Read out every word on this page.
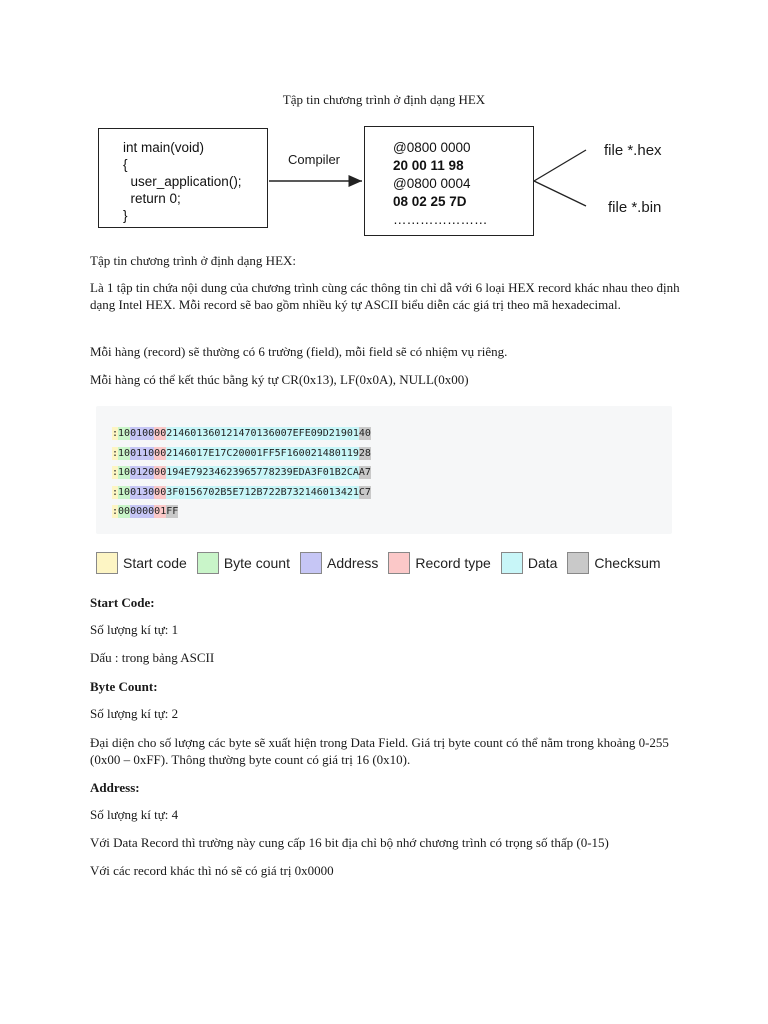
Tập tin chương trình ở định dạng HEX
int main(void)
{
user_application();
return 0;
}
Compiler
@0800 0000
20 00 11 98
@0800 0004
08 02 25 7D
…………………
file *.hex
file *.bin
Tập tin chương trình ở định dạng HEX:
Là 1 tập tin chứa nội dung của chương trình cùng các thông tin chỉ dẫ với 6 loại HEX record khác nhau theo định dạng Intel HEX. Mỗi record sẽ bao gồm nhiều ký tự ASCII biểu diễn các giá trị theo mã hexadecimal.
Mỗi hàng (record) sẽ thường có 6 trường (field), mỗi field sẽ có nhiệm vụ riêng.
Mỗi hàng có thể kết thúc bằng ký tự CR(0x13), LF(0x0A), NULL(0x00)
:10010000214601360121470136007EFE09D2190140
:100110002146017E17C20001FF5F16002148011928
:10012000194E79234623965778239EDA3F01B2CAA7
:100130003F0156702B5E712B722B732146013421C7
:00000001FF
Start code	Byte count	Address	Record type	Data	Checksum
Start Code:
Số lượng kí tự: 1
Dấu : trong bảng ASCII
Byte Count:
Số lượng kí tự: 2
Đại diện cho số lượng các byte sẽ xuất hiện trong Data Field. Giá trị byte count có thể nằm trong khoảng 0-255 (0x00 – 0xFF). Thông thường byte count có giá trị 16 (0x10).
Address:
Số lượng kí tự: 4
Với Data Record thì trường này cung cấp 16 bit địa chỉ bộ nhớ chương trình có trọng số thấp (0-15)
Với các record khác thì nó sẽ có giá trị 0x0000
